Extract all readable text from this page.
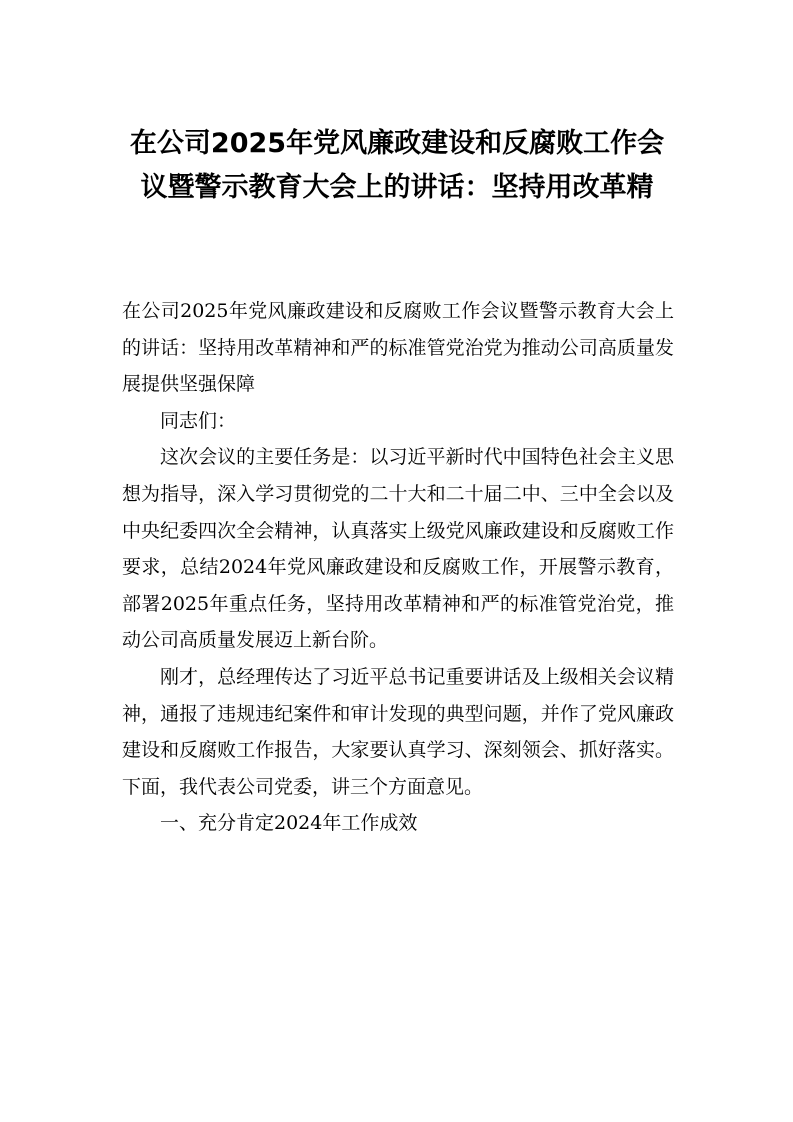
在公司2025年党风廉政建设和反腐败工作会议暨警示教育大会上的讲话：坚持用改革精

在公司2025年党风廉政建设和反腐败工作会议暨警示教育大会上的讲话：坚持用改革精神和严的标准管党治党为推动公司高质量发展提供坚强保障

同志们：

这次会议的主要任务是：以习近平新时代中国特色社会主义思想为指导，深入学习贯彻党的二十大和二十届二中、三中全会以及中央纪委四次全会精神，认真落实上级党风廉政建设和反腐败工作要求，总结2024年党风廉政建设和反腐败工作，开展警示教育，部署2025年重点任务，坚持用改革精神和严的标准管党治党，推动公司高质量发展迈上新台阶。

刚才，总经理传达了习近平总书记重要讲话及上级相关会议精神，通报了违规违纪案件和审计发现的典型问题，并作了党风廉政建设和反腐败工作报告，大家要认真学习、深刻领会、抓好落实。下面，我代表公司党委，讲三个方面意见。

一、充分肯定2024年工作成效
